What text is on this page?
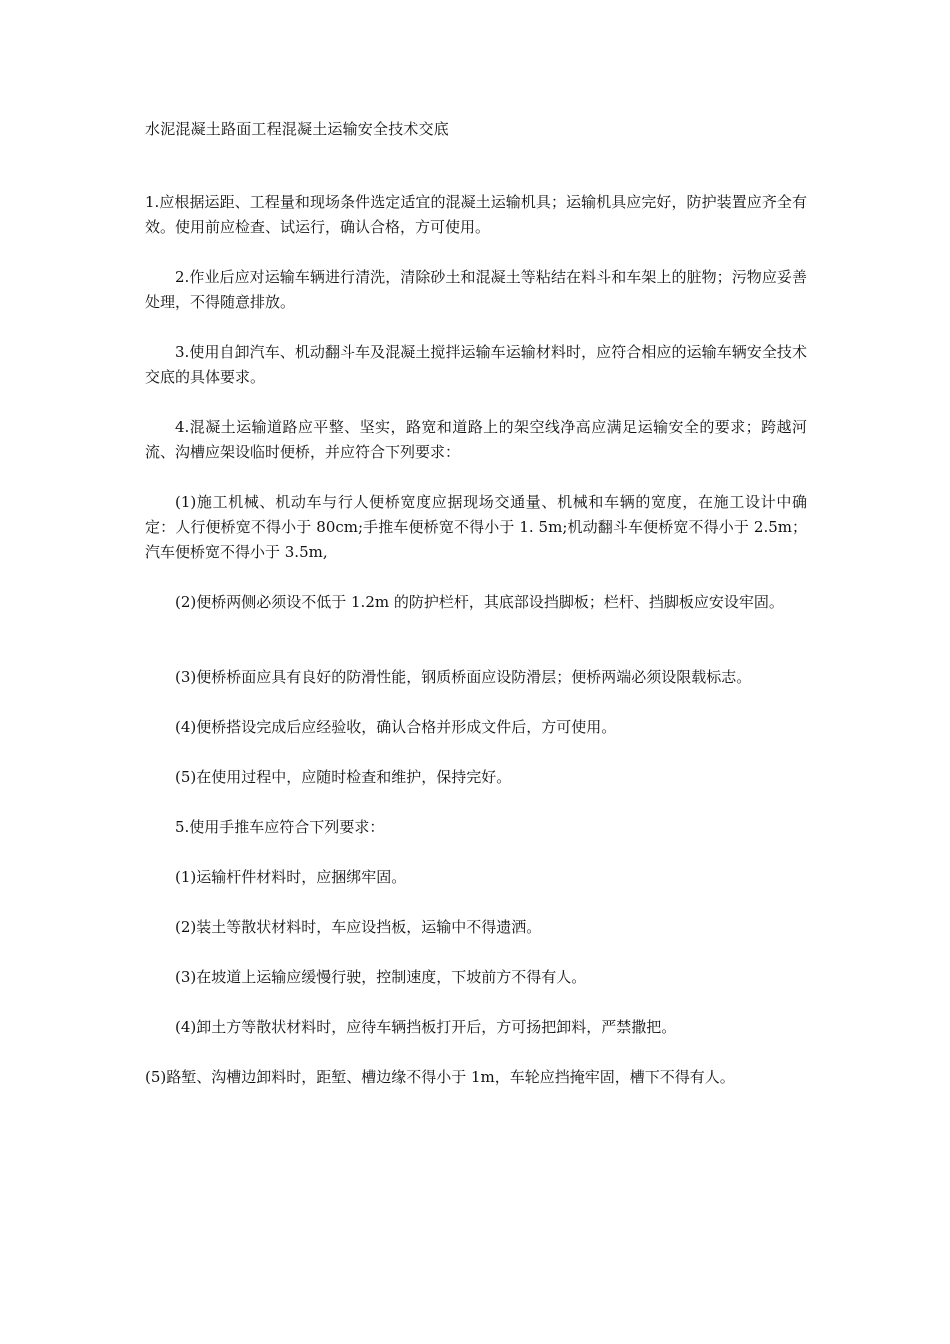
水泥混凝土路面工程混凝土运输安全技术交底

1.应根据运距、工程量和现场条件选定适宜的混凝土运输机具；运输机具应完好，防护装置应齐全有效。使用前应检查、试运行，确认合格，方可使用。

2.作业后应对运输车辆进行清洗，清除砂土和混凝土等粘结在料斗和车架上的脏物；污物应妥善处理，不得随意排放。

3.使用自卸汽车、机动翻斗车及混凝土搅拌运输车运输材料时，应符合相应的运输车辆安全技术交底的具体要求。

4.混凝土运输道路应平整、坚实，路宽和道路上的架空线净高应满足运输安全的要求；跨越河流、沟槽应架设临时便桥，并应符合下列要求：

(1)施工机械、机动车与行人便桥宽度应据现场交通量、机械和车辆的宽度，在施工设计中确定：人行便桥宽不得小于 80cm;手推车便桥宽不得小于 1. 5m;机动翻斗车便桥宽不得小于 2.5m；汽车便桥宽不得小于 3.5m,

(2)便桥两侧必须设不低于 1.2m 的防护栏杆，其底部设挡脚板；栏杆、挡脚板应安设牢固。

(3)便桥桥面应具有良好的防滑性能，钢质桥面应设防滑层；便桥两端必须设限载标志。

(4)便桥搭设完成后应经验收，确认合格并形成文件后，方可使用。

(5)在使用过程中，应随时检查和维护，保持完好。

5.使用手推车应符合下列要求：

(1)运输杆件材料时，应捆绑牢固。

(2)装土等散状材料时，车应设挡板，运输中不得遗洒。

(3)在坡道上运输应缓慢行驶，控制速度，下坡前方不得有人。

(4)卸土方等散状材料时，应待车辆挡板打开后，方可扬把卸料，严禁撒把。

(5)路堑、沟槽边卸料时，距堑、槽边缘不得小于 1m，车轮应挡掩牢固，槽下不得有人。
